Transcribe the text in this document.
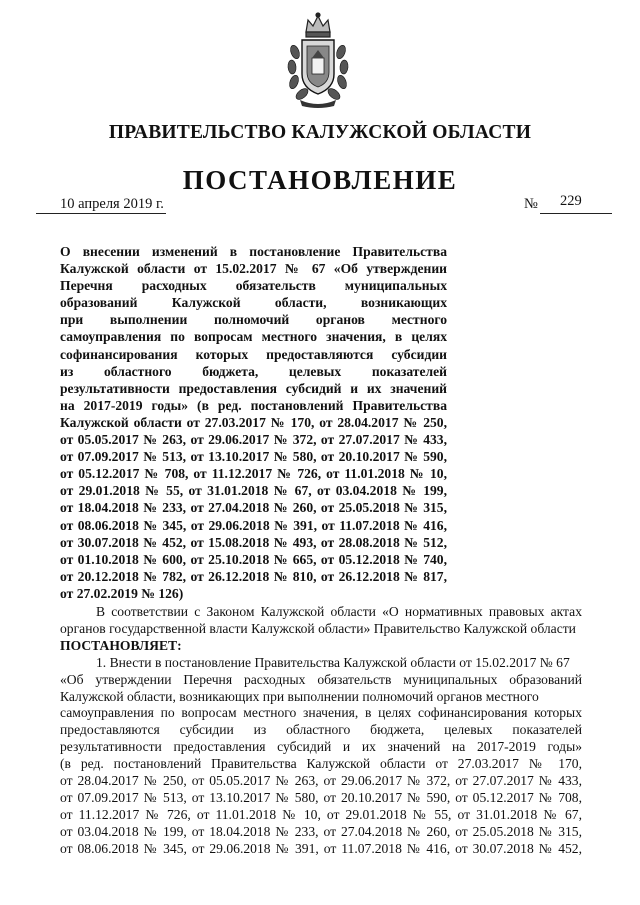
ПРАВИТЕЛЬСТВО КАЛУЖСКОЙ ОБЛАСТИ
ПОСТАНОВЛЕНИЕ
10 апреля 2019 г.	№ 229
О внесении изменений в постановление Правительства
Калужской области от 15.02.2017 № 67 «Об утверждении
Перечня расходных обязательств муниципальных
образований Калужской области, возникающих
при выполнении полномочий органов местного
самоуправления по вопросам местного значения, в целях
софинансирования которых предоставляются субсидии
из областного бюджета, целевых показателей
результативности предоставления субсидий и их значений
на 2017-2019 годы» (в ред. постановлений Правительства
Калужской области от 27.03.2017 № 170, от 28.04.2017 № 250,
от 05.05.2017 № 263, от 29.06.2017 № 372, от 27.07.2017 № 433,
от 07.09.2017 № 513, от 13.10.2017 № 580, от 20.10.2017 № 590,
от 05.12.2017 № 708, от 11.12.2017 № 726, от 11.01.2018 № 10,
от 29.01.2018 № 55, от 31.01.2018 № 67, от 03.04.2018 № 199,
от 18.04.2018 № 233, от 27.04.2018 № 260, от 25.05.2018 № 315,
от 08.06.2018 № 345, от 29.06.2018 № 391, от 11.07.2018 № 416,
от 30.07.2018 № 452, от 15.08.2018 № 493, от 28.08.2018 № 512,
от 01.10.2018 № 600, от 25.10.2018 № 665, от 05.12.2018 № 740,
от 20.12.2018 № 782, от 26.12.2018 № 810, от 26.12.2018 № 817,
от 27.02.2019 № 126)
В соответствии с Законом Калужской области «О нормативных правовых актах
органов государственной власти Калужской области» Правительство Калужской области
ПОСТАНОВЛЯЕТ:
1. Внести в постановление Правительства Калужской области от 15.02.2017 № 67
«Об утверждении Перечня расходных обязательств муниципальных образований
Калужской области, возникающих при выполнении полномочий органов местного
самоуправления по вопросам местного значения, в целях софинансирования которых
предоставляются субсидии из областного бюджета, целевых показателей
результативности предоставления субсидий и их значений на 2017-2019 годы»
(в ред. постановлений Правительства Калужской области от 27.03.2017 № 170,
от 28.04.2017 № 250, от 05.05.2017 № 263, от 29.06.2017 № 372, от 27.07.2017 № 433,
от 07.09.2017 № 513, от 13.10.2017 № 580, от 20.10.2017 № 590, от 05.12.2017 № 708,
от 11.12.2017 № 726, от 11.01.2018 № 10, от 29.01.2018 № 55, от 31.01.2018 № 67,
от 03.04.2018 № 199, от 18.04.2018 № 233, от 27.04.2018 № 260, от 25.05.2018 № 315,
от 08.06.2018 № 345, от 29.06.2018 № 391, от 11.07.2018 № 416, от 30.07.2018 № 452,
